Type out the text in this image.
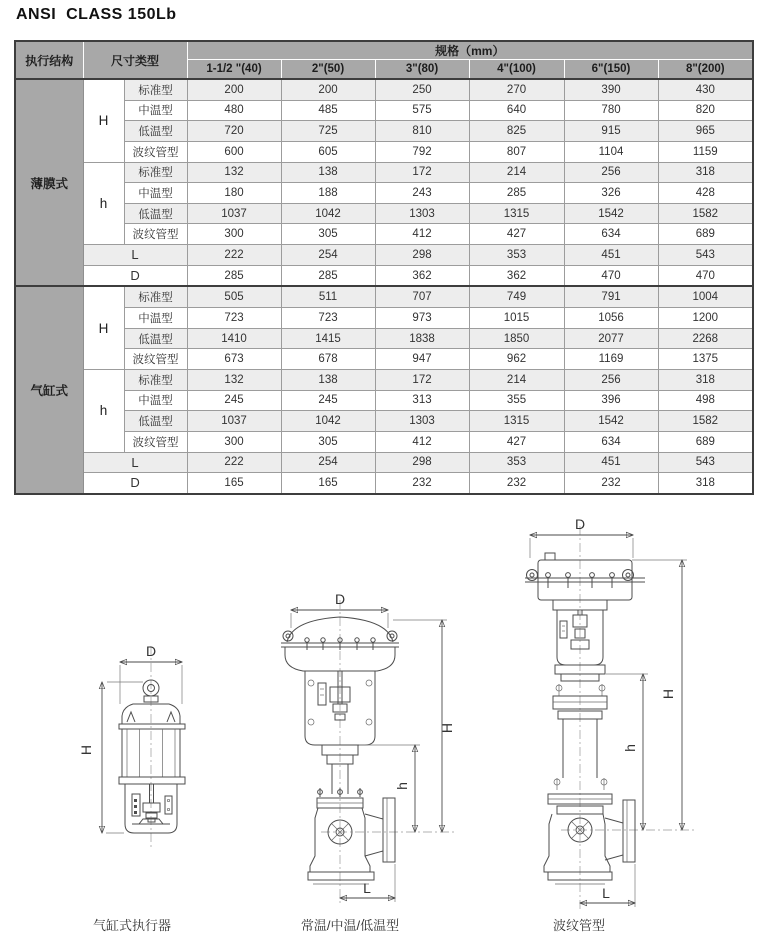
ANSI  CLASS 150Lb
执行结构	尺寸类型		规格（mm）					
			1-1/2 "(40)	2"(50)	3"(80)	4"(100)	6"(150)	8"(200)
薄膜式	H	标准型	200	200	250	270	390	430
		中温型	480	485	575	640	780	820
		低温型	720	725	810	825	915	965
		波纹管型	600	605	792	807	1104	1159
	h	标准型	132	138	172	214	256	318
		中温型	180	188	243	285	326	428
		低温型	1037	1042	1303	1315	1542	1582
		波纹管型	300	305	412	427	634	689
	L		222	254	298	353	451	543
	D		285	285	362	362	470	470
气缸式	H	标准型	505	511	707	749	791	1004
		中温型	723	723	973	1015	1056	1200
		低温型	1410	1415	1838	1850	2077	2268
		波纹管型	673	678	947	962	1169	1375
	h	标准型	132	138	172	214	256	318
		中温型	245	245	313	355	396	498
		低温型	1037	1042	1303	1315	1542	1582
		波纹管型	300	305	412	427	634	689
	L		222	254	298	353	451	543
	D		165	165	232	232	232	318
D
H
D
H
h
L
D
H
h
L
气缸式执行器	常温/中温/低温型	波纹管型
